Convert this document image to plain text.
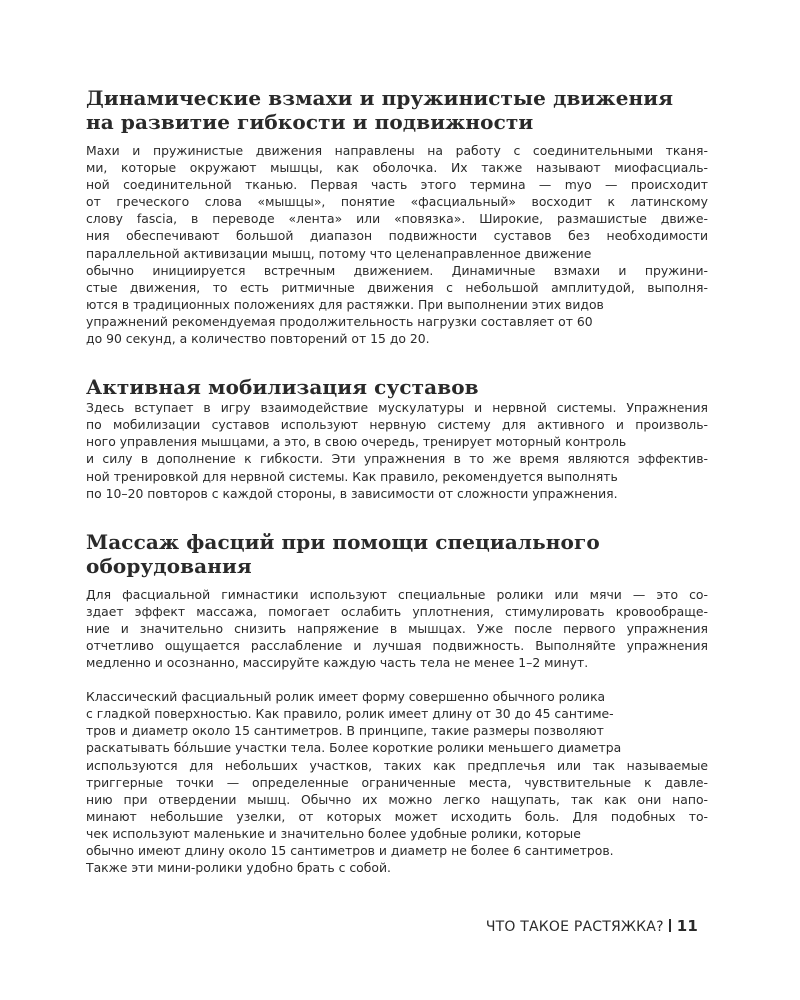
Динамические взмахи и пружинистые движения
на развитие гибкости и подвижности
Махи и пружинистые движения направлены на работу с соединительными тканя-
ми, которые окружают мышцы, как оболочка. Их также называют миофасциаль-
ной соединительной тканью. Первая часть этого термина — myo — происходит
от греческого слова «мышцы», понятие «фасциальный» восходит к латинскому
слову fascia, в переводе «лента» или «повязка». Широкие, размашистые движе-
ния обеспечивают большой диапазон подвижности суставов без необходимости
параллельной активизации мышц, потому что целенаправленное движение
обычно инициируется встречным движением. Динамичные взмахи и пружини-
стые движения, то есть ритмичные движения с небольшой амплитудой, выполня-
ются в традиционных положениях для растяжки. При выполнении этих видов
упражнений рекомендуемая продолжительность нагрузки составляет от 60
до 90 секунд, а количество повторений от 15 до 20.
Активная мобилизация суставов
Здесь вступает в игру взаимодействие мускулатуры и нервной системы. Упражнения
по мобилизации суставов используют нервную систему для активного и произволь-
ного управления мышцами, а это, в свою очередь, тренирует моторный контроль
и силу в дополнение к гибкости. Эти упражнения в то же время являются эффектив-
ной тренировкой для нервной системы. Как правило, рекомендуется выполнять
по 10–20 повторов с каждой стороны, в зависимости от сложности упражнения.
Массаж фасций при помощи специального
оборудования
Для фасциальной гимнастики используют специальные ролики или мячи — это со-
здает эффект массажа, помогает ослабить уплотнения, стимулировать кровообраще-
ние и значительно снизить напряжение в мышцах. Уже после первого упражнения
отчетливо ощущается расслабление и лучшая подвижность. Выполняйте упражнения
медленно и осознанно, массируйте каждую часть тела не менее 1–2 минут.
Классический фасциальный ролик имеет форму совершенно обычного ролика
с гладкой поверхностью. Как правило, ролик имеет длину от 30 до 45 сантиме-
тров и диаметр около 15 сантиметров. В принципе, такие размеры позволяют
раскатывать бóльшие участки тела. Более короткие ролики меньшего диаметра
используются для небольших участков, таких как предплечья или так называемые
триггерные точки — определенные ограниченные места, чувствительные к давле-
нию при отвердении мышц. Обычно их можно легко нащупать, так как они напо-
минают небольшие узелки, от которых может исходить боль. Для подобных то-
чек используют маленькие и значительно более удобные ролики, которые
обычно имеют длину около 15 сантиметров и диаметр не более 6 сантиметров.
Также эти мини-ролики удобно брать с собой.
ЧТО ТАКОЕ РАСТЯЖКА? 11
